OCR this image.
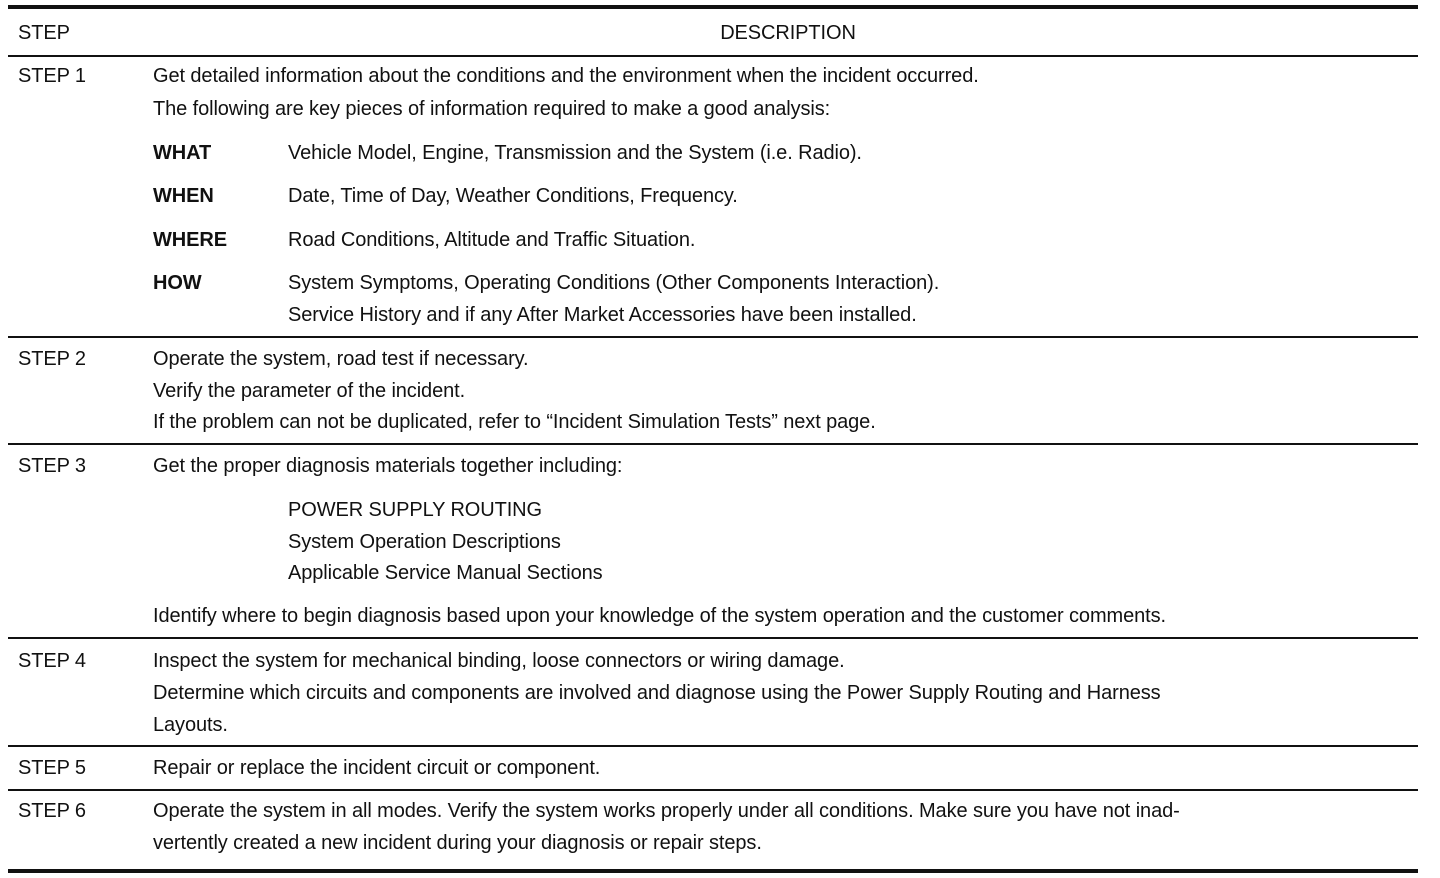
STEP	DESCRIPTION
STEP 1	Get detailed information about the conditions and the environment when the incident occurred.
The following are key pieces of information required to make a good analysis:
WHAT	Vehicle Model, Engine, Transmission and the System (i.e. Radio).
WHEN	Date, Time of Day, Weather Conditions, Frequency.
WHERE	Road Conditions, Altitude and Traffic Situation.
HOW	System Symptoms, Operating Conditions (Other Components Interaction).
Service History and if any After Market Accessories have been installed.
STEP 2	Operate the system, road test if necessary.
Verify the parameter of the incident.
If the problem can not be duplicated, refer to “Incident Simulation Tests” next page.
STEP 3	Get the proper diagnosis materials together including:
POWER SUPPLY ROUTING
System Operation Descriptions
Applicable Service Manual Sections
Identify where to begin diagnosis based upon your knowledge of the system operation and the customer comments.
STEP 4	Inspect the system for mechanical binding, loose connectors or wiring damage.
Determine which circuits and components are involved and diagnose using the Power Supply Routing and Harness
Layouts.
STEP 5	Repair or replace the incident circuit or component.
STEP 6	Operate the system in all modes. Verify the system works properly under all conditions. Make sure you have not inad-
vertently created a new incident during your diagnosis or repair steps.
